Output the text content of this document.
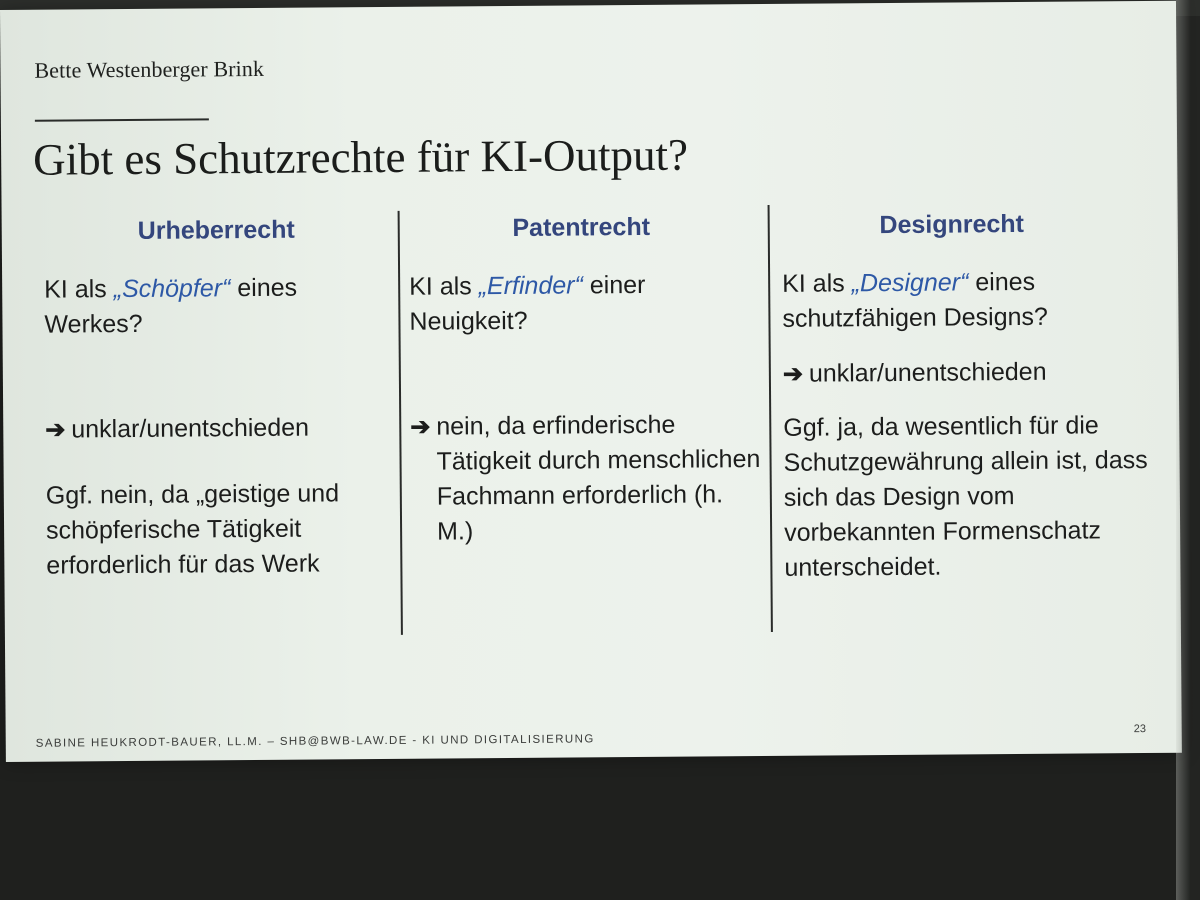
Bette Westenberger Brink
Gibt es Schutzrechte für KI-Output?
Urheberrecht

KI als „Schöpfer“ eines Werkes?

➔ unklar/unentschieden

Ggf. nein, da „geistige und schöpferische Tätigkeit erforderlich für das Werk

Patentrecht

KI als „Erfinder“ einer Neuigkeit?

➔ nein, da erfinderische Tätigkeit durch menschlichen Fachmann erforderlich (h. M.)
Designrecht

KI als „Designer“ eines schutzfähigen Designs?

➔ unklar/unentschieden

Ggf. ja, da wesentlich für die Schutzgewährung allein ist, dass sich das Design vom vorbekannten Formenschatz unterscheidet.

SABINE HEUKRODT-BAUER, LL.M. – SHB@BWB-LAW.DE - KI UND DIGITALISIERUNG
23
